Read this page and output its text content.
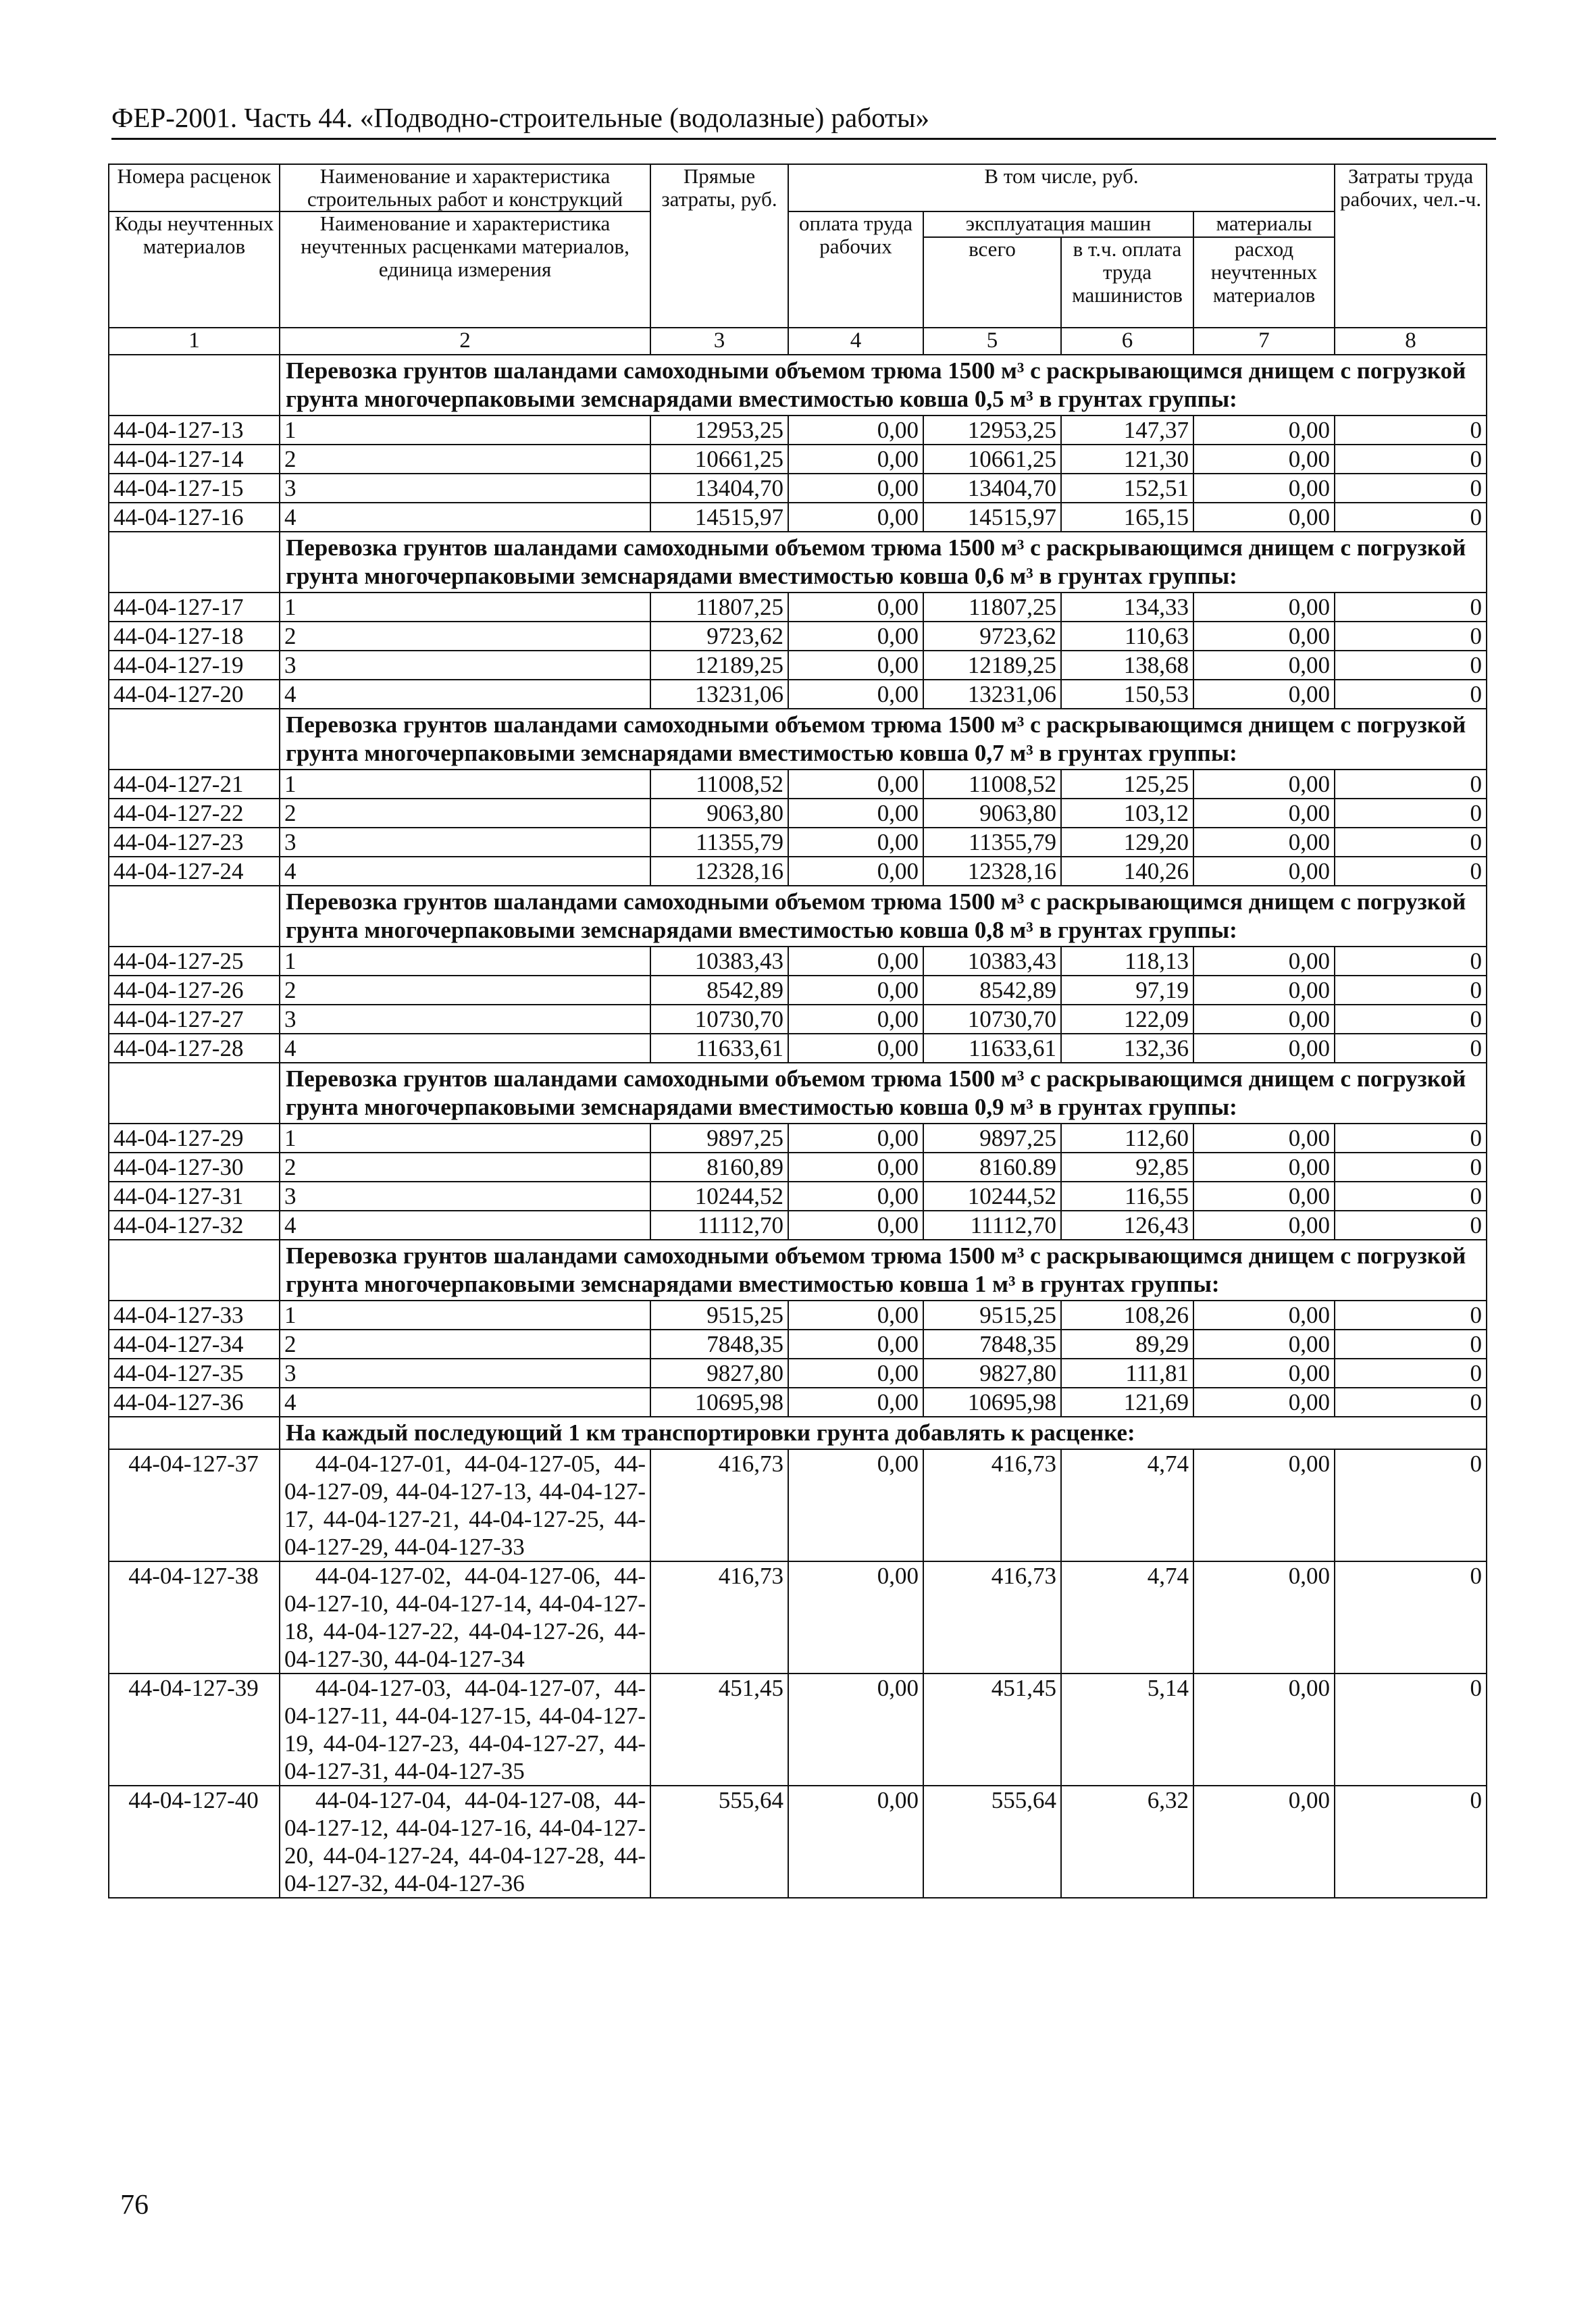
ФЕР-2001. Часть 44. «Подводно-строительные (водолазные) работы»
Номера расценок	Наименование и характеристика строительных работ и конструкций	Прямые затраты, руб.	В том числе, руб.				Затраты труда рабочих, чел.-ч.
Коды неучтенных материалов	Наименование и характеристика неучтенных расценками материалов, единица измерения		оплата труда рабочих	эксплуатация машин		материалы	
				всего	в т.ч. оплата труда машинистов	расход неучтенных материалов	

1	2	3	4	5	6	7	8
	Перевозка грунтов шаландами самоходными объемом трюма 1500 м³ с раскрывающимся днищем с погрузкой грунта многочерпаковыми земснарядами вместимостью ковша 0,5 м³ в грунтах группы:						
44-04-127-13	1	12953,25	0,00	12953,25	147,37	0,00	0
44-04-127-14	2	10661,25	0,00	10661,25	121,30	0,00	0
44-04-127-15	3	13404,70	0,00	13404,70	152,51	0,00	0
44-04-127-16	4	14515,97	0,00	14515,97	165,15	0,00	0
	Перевозка грунтов шаландами самоходными объемом трюма 1500 м³ с раскрывающимся днищем с погрузкой грунта многочерпаковыми земснарядами вместимостью ковша 0,6 м³ в грунтах группы:						
44-04-127-17	1	11807,25	0,00	11807,25	134,33	0,00	0
44-04-127-18	2	9723,62	0,00	9723,62	110,63	0,00	0
44-04-127-19	3	12189,25	0,00	12189,25	138,68	0,00	0
44-04-127-20	4	13231,06	0,00	13231,06	150,53	0,00	0
	Перевозка грунтов шаландами самоходными объемом трюма 1500 м³ с раскрывающимся днищем с погрузкой грунта многочерпаковыми земснарядами вместимостью ковша 0,7 м³ в грунтах группы:						
44-04-127-21	1	11008,52	0,00	11008,52	125,25	0,00	0
44-04-127-22	2	9063,80	0,00	9063,80	103,12	0,00	0
44-04-127-23	3	11355,79	0,00	11355,79	129,20	0,00	0
44-04-127-24	4	12328,16	0,00	12328,16	140,26	0,00	0
	Перевозка грунтов шаландами самоходными объемом трюма 1500 м³ с раскрывающимся днищем с погрузкой грунта многочерпаковыми земснарядами вместимостью ковша 0,8 м³ в грунтах группы:						
44-04-127-25	1	10383,43	0,00	10383,43	118,13	0,00	0
44-04-127-26	2	8542,89	0,00	8542,89	97,19	0,00	0
44-04-127-27	3	10730,70	0,00	10730,70	122,09	0,00	0
44-04-127-28	4	11633,61	0,00	11633,61	132,36	0,00	0
	Перевозка грунтов шаландами самоходными объемом трюма 1500 м³ с раскрывающимся днищем с погрузкой грунта многочерпаковыми земснарядами вместимостью ковша 0,9 м³ в грунтах группы:						
44-04-127-29	1	9897,25	0,00	9897,25	112,60	0,00	0
44-04-127-30	2	8160,89	0,00	8160.89	92,85	0,00	0
44-04-127-31	3	10244,52	0,00	10244,52	116,55	0,00	0
44-04-127-32	4	11112,70	0,00	11112,70	126,43	0,00	0
	Перевозка грунтов шаландами самоходными объемом трюма 1500 м³ с раскрывающимся днищем с погрузкой грунта многочерпаковыми земснарядами вместимостью ковша 1 м³ в грунтах группы:						
44-04-127-33	1	9515,25	0,00	9515,25	108,26	0,00	0
44-04-127-34	2	7848,35	0,00	7848,35	89,29	0,00	0
44-04-127-35	3	9827,80	0,00	9827,80	111,81	0,00	0
44-04-127-36	4	10695,98	0,00	10695,98	121,69	0,00	0
	На каждый последующий 1 км транспортировки грунта добавлять к расценке:						
44-04-127-37	44-04-127-01, 44-04-127-05, 44-04-127-09, 44-04-127-13, 44-04-127-17, 44-04-127-21, 44-04-127-25, 44-04-127-29, 44-04-127-33	416,73	0,00	416,73	4,74	0,00	0
44-04-127-38	44-04-127-02, 44-04-127-06, 44-04-127-10, 44-04-127-14, 44-04-127-18, 44-04-127-22, 44-04-127-26, 44-04-127-30, 44-04-127-34	416,73	0,00	416,73	4,74	0,00	0
44-04-127-39	44-04-127-03, 44-04-127-07, 44-04-127-11, 44-04-127-15, 44-04-127-19, 44-04-127-23, 44-04-127-27, 44-04-127-31, 44-04-127-35	451,45	0,00	451,45	5,14	0,00	0
44-04-127-40	44-04-127-04, 44-04-127-08, 44-04-127-12, 44-04-127-16, 44-04-127-20, 44-04-127-24, 44-04-127-28, 44-04-127-32, 44-04-127-36	555,64	0,00	555,64	6,32	0,00	0
76
